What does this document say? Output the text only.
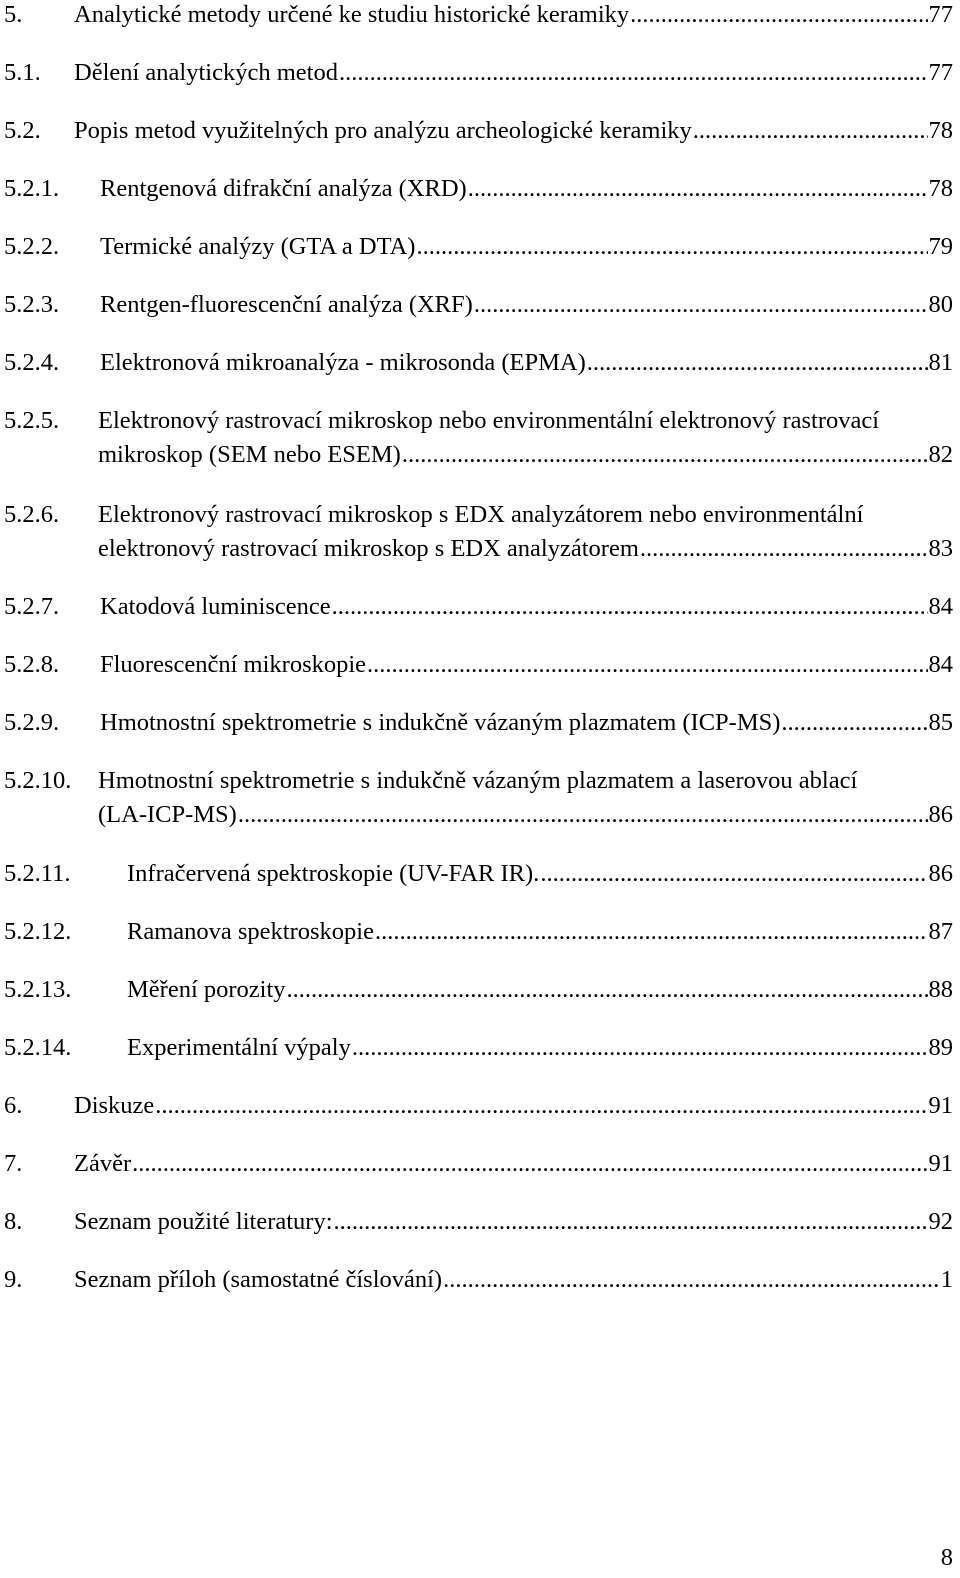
5. Analytické metody určené ke studiu historické keramiky .....	77
5.1. Dělení analytických metod .....	77
5.2. Popis metod využitelných pro analýzu archeologické keramiky .....	78
5.2.1. Rentgenová difrakční analýza (XRD) .....	78
5.2.2. Termické analýzy (GTA a DTA) .....	79
5.2.3. Rentgen-fluorescenční analýza (XRF) .....	80
5.2.4. Elektronová mikroanalýza - mikrosonda (EPMA) .....	81
5.2.5. Elektronový rastrovací mikroskop nebo environmentální elektronový rastrovací
mikroskop (SEM nebo ESEM) .....	82
5.2.6. Elektronový rastrovací mikroskop s EDX analyzátorem nebo environmentální
elektronový rastrovací mikroskop s EDX analyzátorem .....	83
5.2.7. Katodová luminiscence .....	84
5.2.8. Fluorescenční mikroskopie .....	84
5.2.9. Hmotnostní spektrometrie s indukčně vázaným plazmatem (ICP-MS) .....	85
5.2.10. Hmotnostní spektrometrie s indukčně vázaným plazmatem a laserovou ablací
(LA-ICP-MS) .....	86
5.2.11. Infračervená spektroskopie (UV-FAR IR). .....	86
5.2.12. Ramanova spektroskopie .....	87
5.2.13. Měření porozity .....	88
5.2.14. Experimentální výpaly .....	89
6. Diskuze .....	91
7. Závěr .....	91
8. Seznam použité literatury: .....	92
9. Seznam příloh (samostatné číslování) .....	1
8
